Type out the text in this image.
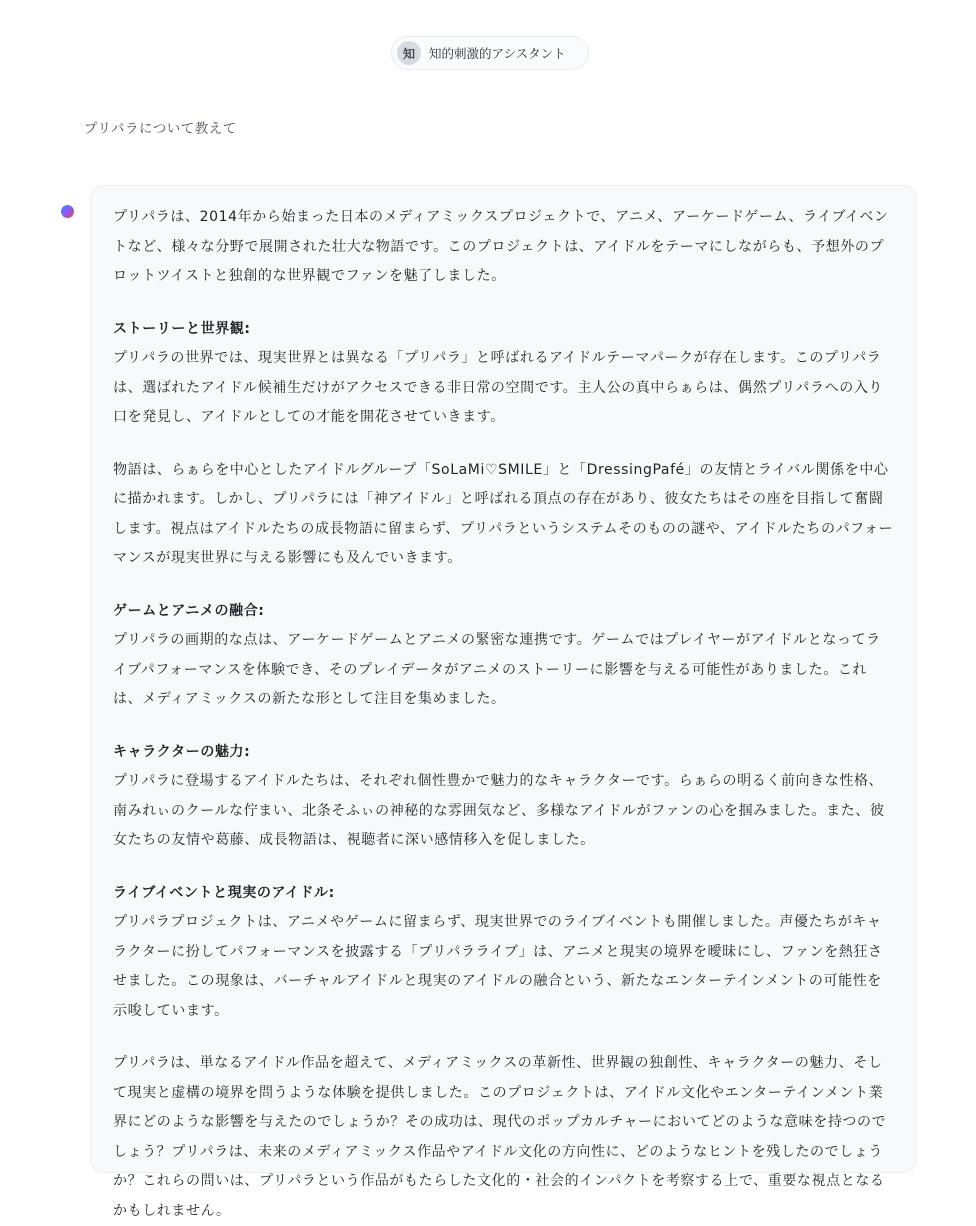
知	知的刺激的アシスタント
プリパラについて教えて

プリパラは、2014年から始まった日本のメディアミックスプロジェクトで、アニメ、アーケードゲーム、ライブイベントなど、様々な分野で展開された壮大な物語です。このプロジェクトは、アイドルをテーマにしながらも、予想外のプロットツイストと独創的な世界観でファンを魅了しました。

ストーリーと世界観:
プリパラの世界では、現実世界とは異なる「プリパラ」と呼ばれるアイドルテーマパークが存在します。このプリパラは、選ばれたアイドル候補生だけがアクセスできる非日常の空間です。主人公の真中らぁらは、偶然プリパラへの入り口を発見し、アイドルとしての才能を開花させていきます。

物語は、らぁらを中心としたアイドルグループ「SoLaMi♡SMILE」と「DressingPafé」の友情とライバル関係を中心に描かれます。しかし、プリパラには「神アイドル」と呼ばれる頂点の存在があり、彼女たちはその座を目指して奮闘します。視点はアイドルたちの成長物語に留まらず、プリパラというシステムそのものの謎や、アイドルたちのパフォーマンスが現実世界に与える影響にも及んでいきます。

ゲームとアニメの融合:
プリパラの画期的な点は、アーケードゲームとアニメの緊密な連携です。ゲームではプレイヤーがアイドルとなってライブパフォーマンスを体験でき、そのプレイデータがアニメのストーリーに影響を与える可能性がありました。これは、メディアミックスの新たな形として注目を集めました。

キャラクターの魅力:
プリパラに登場するアイドルたちは、それぞれ個性豊かで魅力的なキャラクターです。らぁらの明るく前向きな性格、南みれぃのクールな佇まい、北条そふぃの神秘的な雰囲気など、多様なアイドルがファンの心を掴みました。また、彼女たちの友情や葛藤、成長物語は、視聴者に深い感情移入を促しました。

ライブイベントと現実のアイドル:
プリパラプロジェクトは、アニメやゲームに留まらず、現実世界でのライブイベントも開催しました。声優たちがキャラクターに扮してパフォーマンスを披露する「プリパラライブ」は、アニメと現実の境界を曖昧にし、ファンを熱狂させました。この現象は、バーチャルアイドルと現実のアイドルの融合という、新たなエンターテインメントの可能性を示唆しています。

プリパラは、単なるアイドル作品を超えて、メディアミックスの革新性、世界観の独創性、キャラクターの魅力、そして現実と虚構の境界を問うような体験を提供しました。このプロジェクトは、アイドル文化やエンターテインメント業界にどのような影響を与えたのでしょうか？その成功は、現代のポップカルチャーにおいてどのような意味を持つのでしょう？プリパラは、未来のメディアミックス作品やアイドル文化の方向性に、どのようなヒントを残したのでしょうか？これらの問いは、プリパラという作品がもたらした文化的・社会的インパクトを考察する上で、重要な視点となるかもしれません。
